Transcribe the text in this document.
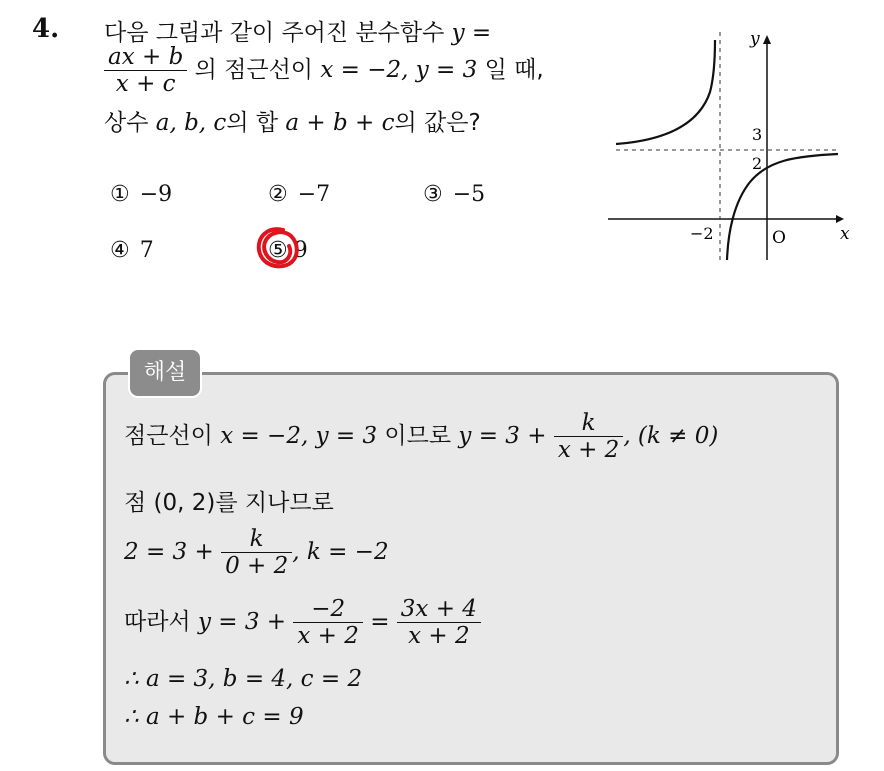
4. 다음 그림과 같이 주어진 분수함수 y =
$\frac{ax + b}{x + c}$ 의 점근선이 x = −2, y = 3 일 때,
상수 a, b, c의 합 a + b + c의 값은?
① −9	② −7	③ −5
④ 7	⑤ 9
y
x
O
3
2
−2
해설
점근선이 x = −2, y = 3 이므로 $y = 3 + \frac{k}{x + 2}$ , (k ≠ 0)
점 (0, 2)를 지나므로
$2 = 3 + \frac{k}{0 + 2}$ , k = −2
따라서 $y = 3 + \frac{-2}{x + 2} = \frac{3x + 4}{x + 2}$
∴ a = 3, b = 4, c = 2
∴ a + b + c = 9
